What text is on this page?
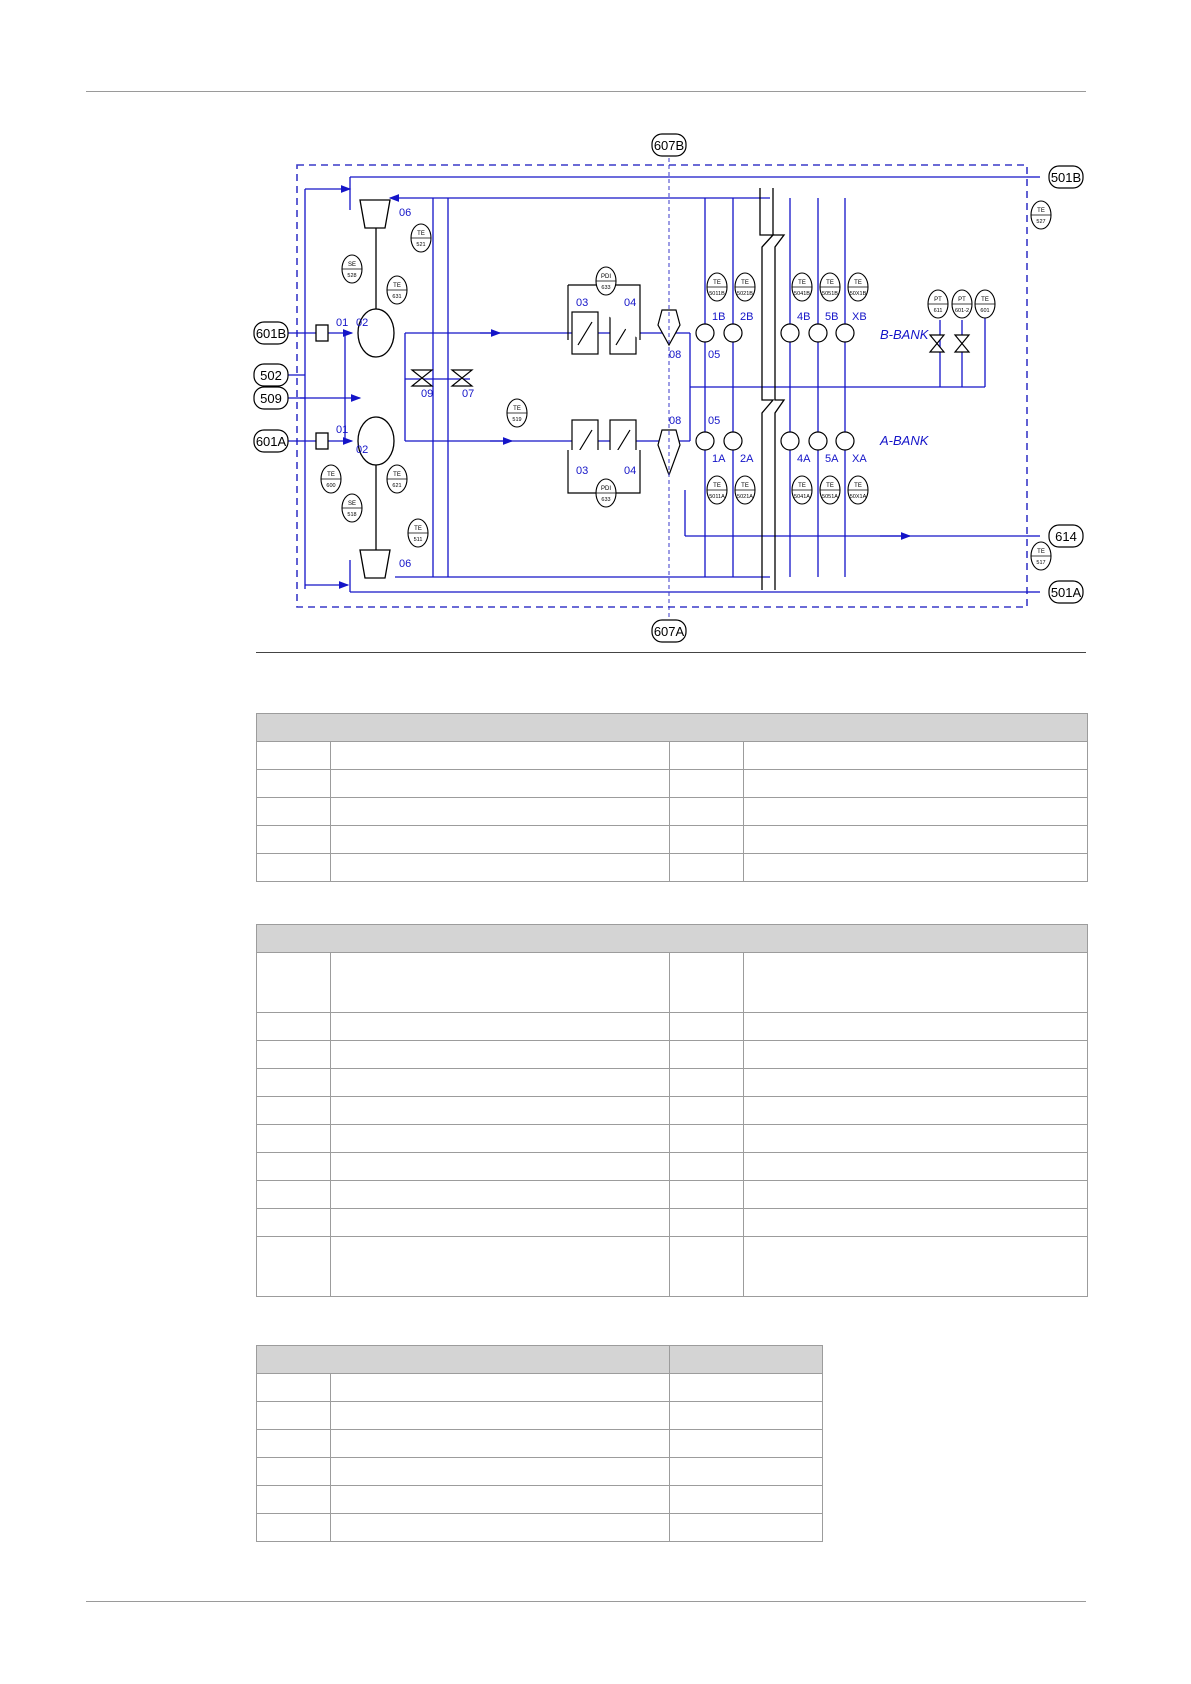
SE
528
TE
631
TE
521
PDI
633
TE
5011B
TE
5021B
TE
5041B
TE
5051B
TE
50X1B
PT
611
PT
601-2
TE
601
TE
527
TE
600
SE
518
TE
621
TE
511
TE
519
PDI
633
TE
5011A
TE
5021A
TE
5041A
TE
5051A
TE
50X1A
TE
517
601B
502
509
601A
607B
607A
501B
614
501A
01
01
02
02
06
06
03	04
03	04
08
08
05
05
09	07
1B 2B	4B 5B XB
1A 2A	4A 5A XA
B-BANK
A-BANK
